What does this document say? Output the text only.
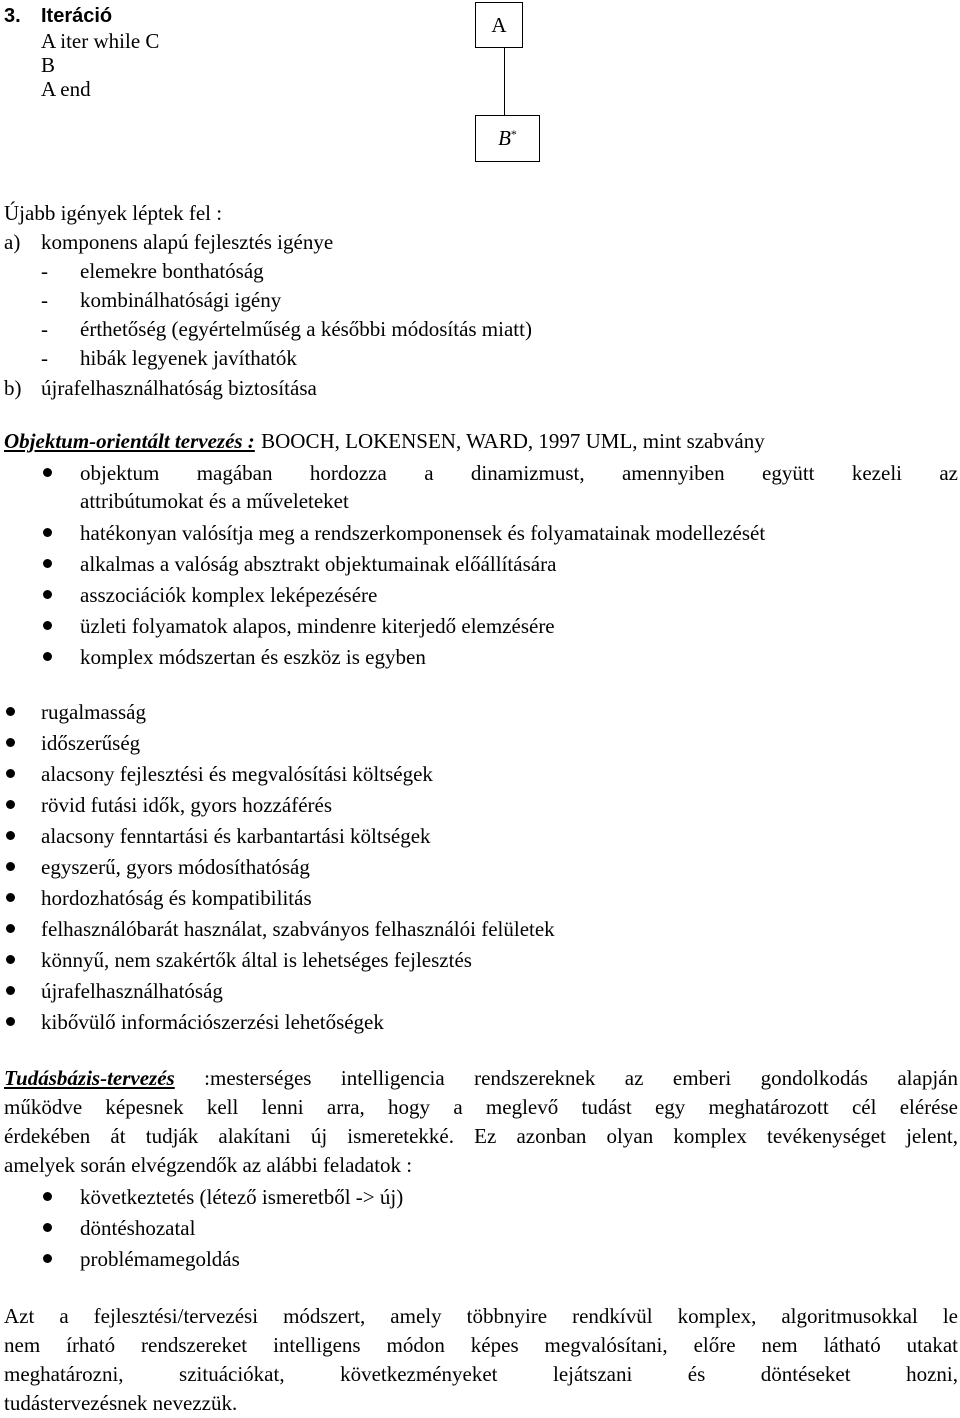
3. Iteráció
A iter while C
B
A end
A
B*
Újabb igények léptek fel :
a) komponens alapú fejlesztés igénye
- elemekre bonthatóság
- kombinálhatósági igény
- érthetőség (egyértelműség a későbbi módosítás miatt)
- hibák legyenek javíthatók
b) újrafelhasználhatóság biztosítása
Objektum-orientált tervezés : BOOCH, LOKENSEN, WARD, 1997 UML, mint szabvány
objektum magában hordozza a dinamizmust, amennyiben együtt kezeli az
attribútumokat és a műveleteket
hatékonyan valósítja meg a rendszerkomponensek és folyamatainak modellezését
alkalmas a valóság absztrakt objektumainak előállítására
asszociációk komplex leképezésére
üzleti folyamatok alapos, mindenre kiterjedő elemzésére
komplex módszertan és eszköz is egyben
rugalmasság
időszerűség
alacsony fejlesztési és megvalósítási költségek
rövid futási idők, gyors hozzáférés
alacsony fenntartási és karbantartási költségek
egyszerű, gyors módosíthatóság
hordozhatóság és kompatibilitás
felhasználóbarát használat, szabványos felhasználói felületek
könnyű, nem szakértők által is lehetséges fejlesztés
újrafelhasználhatóság
kibővülő információszerzési lehetőségek
Tudásbázis-tervezés :mesterséges intelligencia rendszereknek az emberi gondolkodás alapján
működve képesnek kell lenni arra, hogy a meglevő tudást egy meghatározott cél elérése
érdekében át tudják alakítani új ismeretekké. Ez azonban olyan komplex tevékenységet jelent,
amelyek során elvégzendők az alábbi feladatok :
következtetés (létező ismeretből -> új)
döntéshozatal
problémamegoldás
Azt a fejlesztési/tervezési módszert, amely többnyire rendkívül komplex, algoritmusokkal le
nem írható rendszereket intelligens módon képes megvalósítani, előre nem látható utakat
meghatározni, szituációkat, következményeket lejátszani és döntéseket hozni,
tudástervezésnek nevezzük.
